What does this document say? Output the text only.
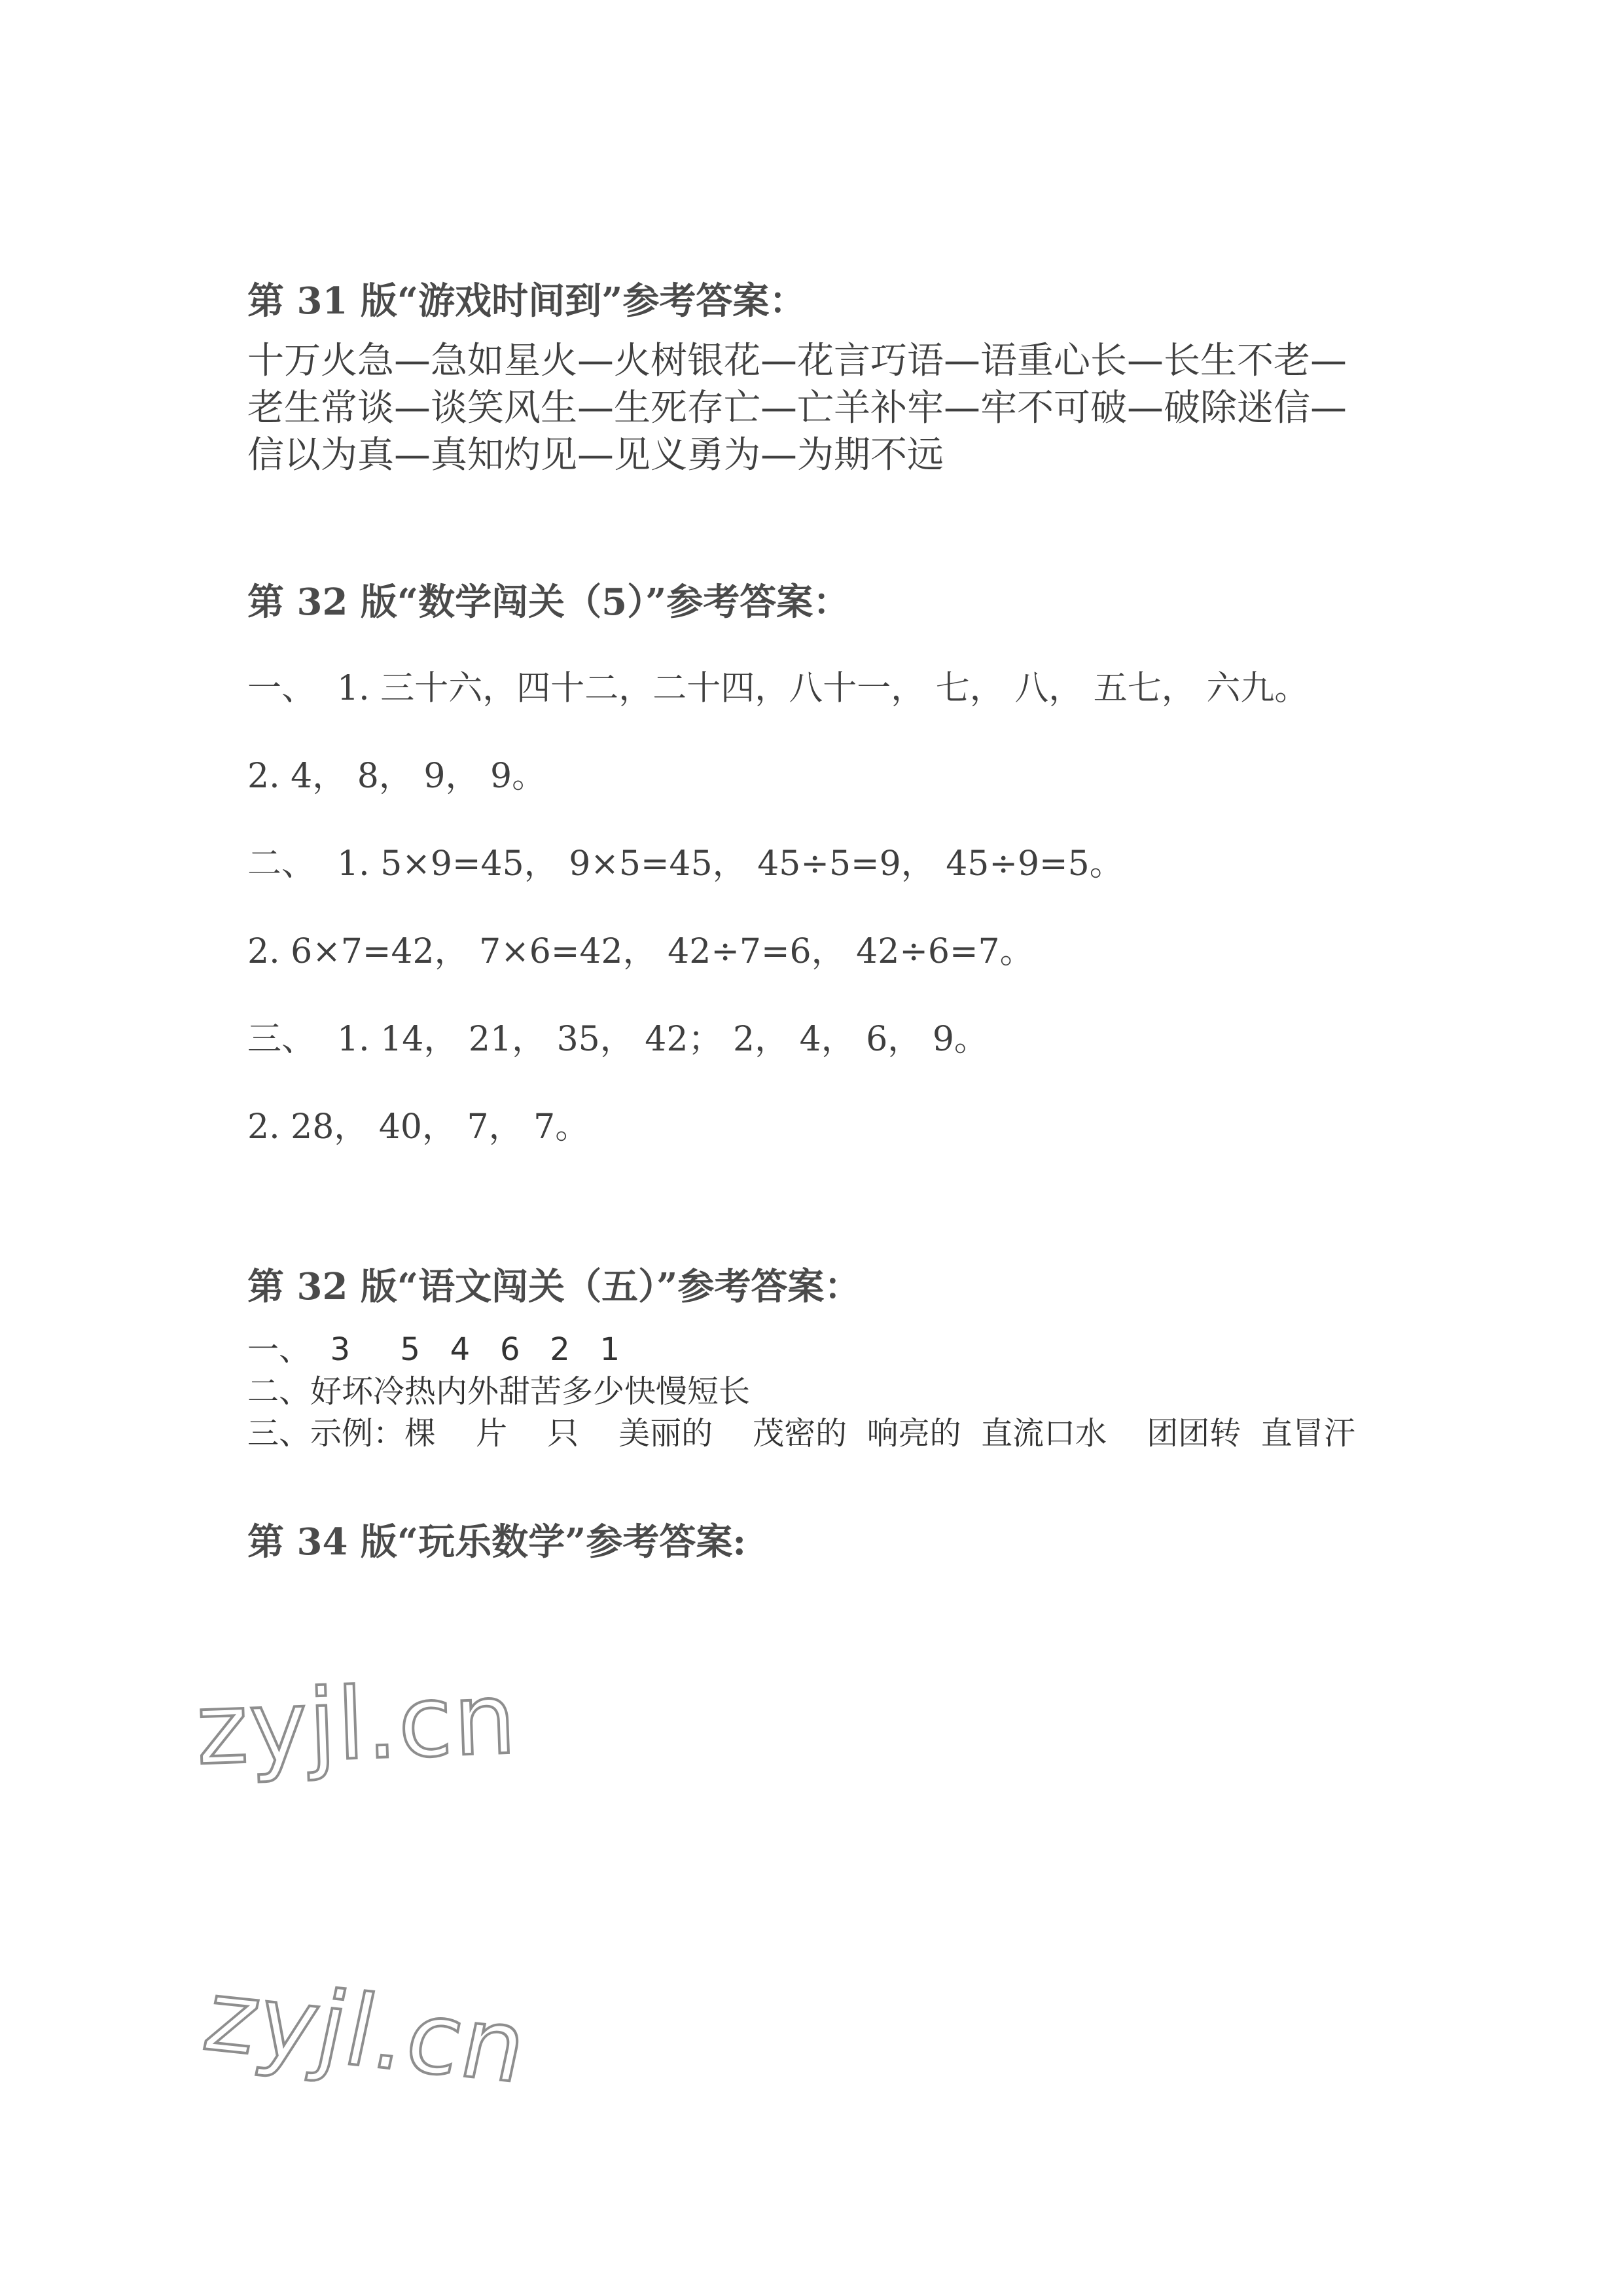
第 31 版“游戏时间到”参考答案：
十万火急—急如星火—火树银花—花言巧语—语重心长—长生不老—
老生常谈—谈笑风生—生死存亡—亡羊补牢—牢不可破—破除迷信—
信以为真—真知灼见—见义勇为—为期不远
第 32 版“数学闯关（5）”参考答案：
一、  1. 三十六，四十二，二十四，八十一， 七， 八， 五七， 六九。
2. 4， 8， 9， 9。
二、  1. 5×9=45， 9×5=45， 45÷5=9， 45÷9=5。
2. 6×7=42， 7×6=42， 42÷7=6， 42÷6=7。
三、  1. 14， 21， 35， 42； 2， 4， 6， 9。
2. 28， 40， 7， 7。
第 32 版“语文闯关（五）”参考答案：
一、  3     5   4   6   2   1
二、好坏冷热内外甜苦多少快慢短长
三、示例：棵    片    只    美丽的    茂密的  响亮的  直流口水    团团转  直冒汗
第 34 版“玩乐数学”参考答案:
zyjl.cn
zyjl.cn
